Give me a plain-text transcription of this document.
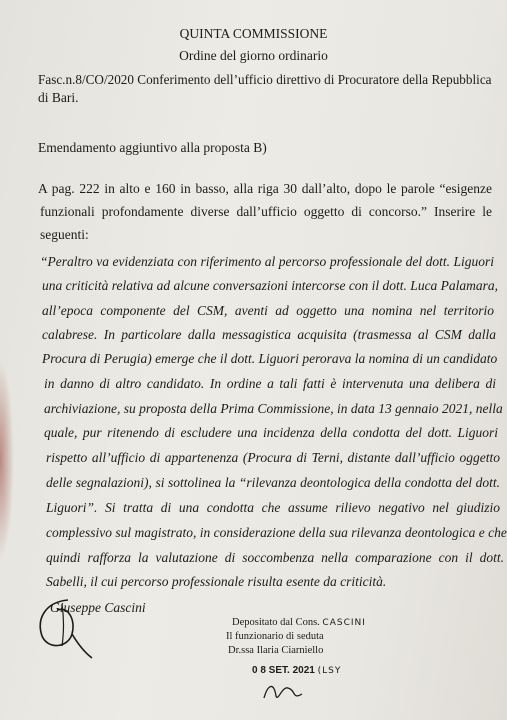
QUINTA COMMISSIONE
Ordine del giorno ordinario
Fasc.n.8/CO/2020 Conferimento dell’ufficio direttivo di Procuratore della Repubblica
di Bari.
Emendamento aggiuntivo alla proposta B)
A pag. 222 in alto e 160 in basso, alla riga 30 dall’alto, dopo le parole “esigenze
funzionali profondamente diverse dall’ufficio oggetto di concorso.” Inserire le
seguenti:
“Peraltro va evidenziata con riferimento al percorso professionale del dott. Liguori
una criticità relativa ad alcune conversazioni intercorse con il dott. Luca Palamara,
all’epoca componente del CSM, aventi ad oggetto una nomina nel territorio
calabrese. In particolare dalla messagistica acquisita (trasmessa al CSM dalla
Procura di Perugia) emerge che il dott. Liguori perorava la nomina di un candidato
in danno di altro candidato. In ordine a tali fatti è intervenuta una delibera di
archiviazione, su proposta della Prima Commissione, in data 13 gennaio 2021, nella
quale, pur ritenendo di escludere una incidenza della condotta del dott. Liguori
rispetto all’ufficio di appartenenza (Procura di Terni, distante dall’ufficio oggetto
delle segnalazioni), si sottolinea la “rilevanza deontologica della condotta del dott.
Liguori”. Si tratta di una condotta che assume rilievo negativo nel giudizio
complessivo sul magistrato, in considerazione della sua rilevanza deontologica e che
quindi rafforza la valutazione di soccombenza nella comparazione con il dott.
Sabelli, il cui percorso professionale risulta esente da criticità.
Giuseppe Cascini
Depositato dal Cons. CASCINI
Il funzionario di seduta
Dr.ssa Ilaria Ciarniello
0 8 SET. 2021 (LSY
